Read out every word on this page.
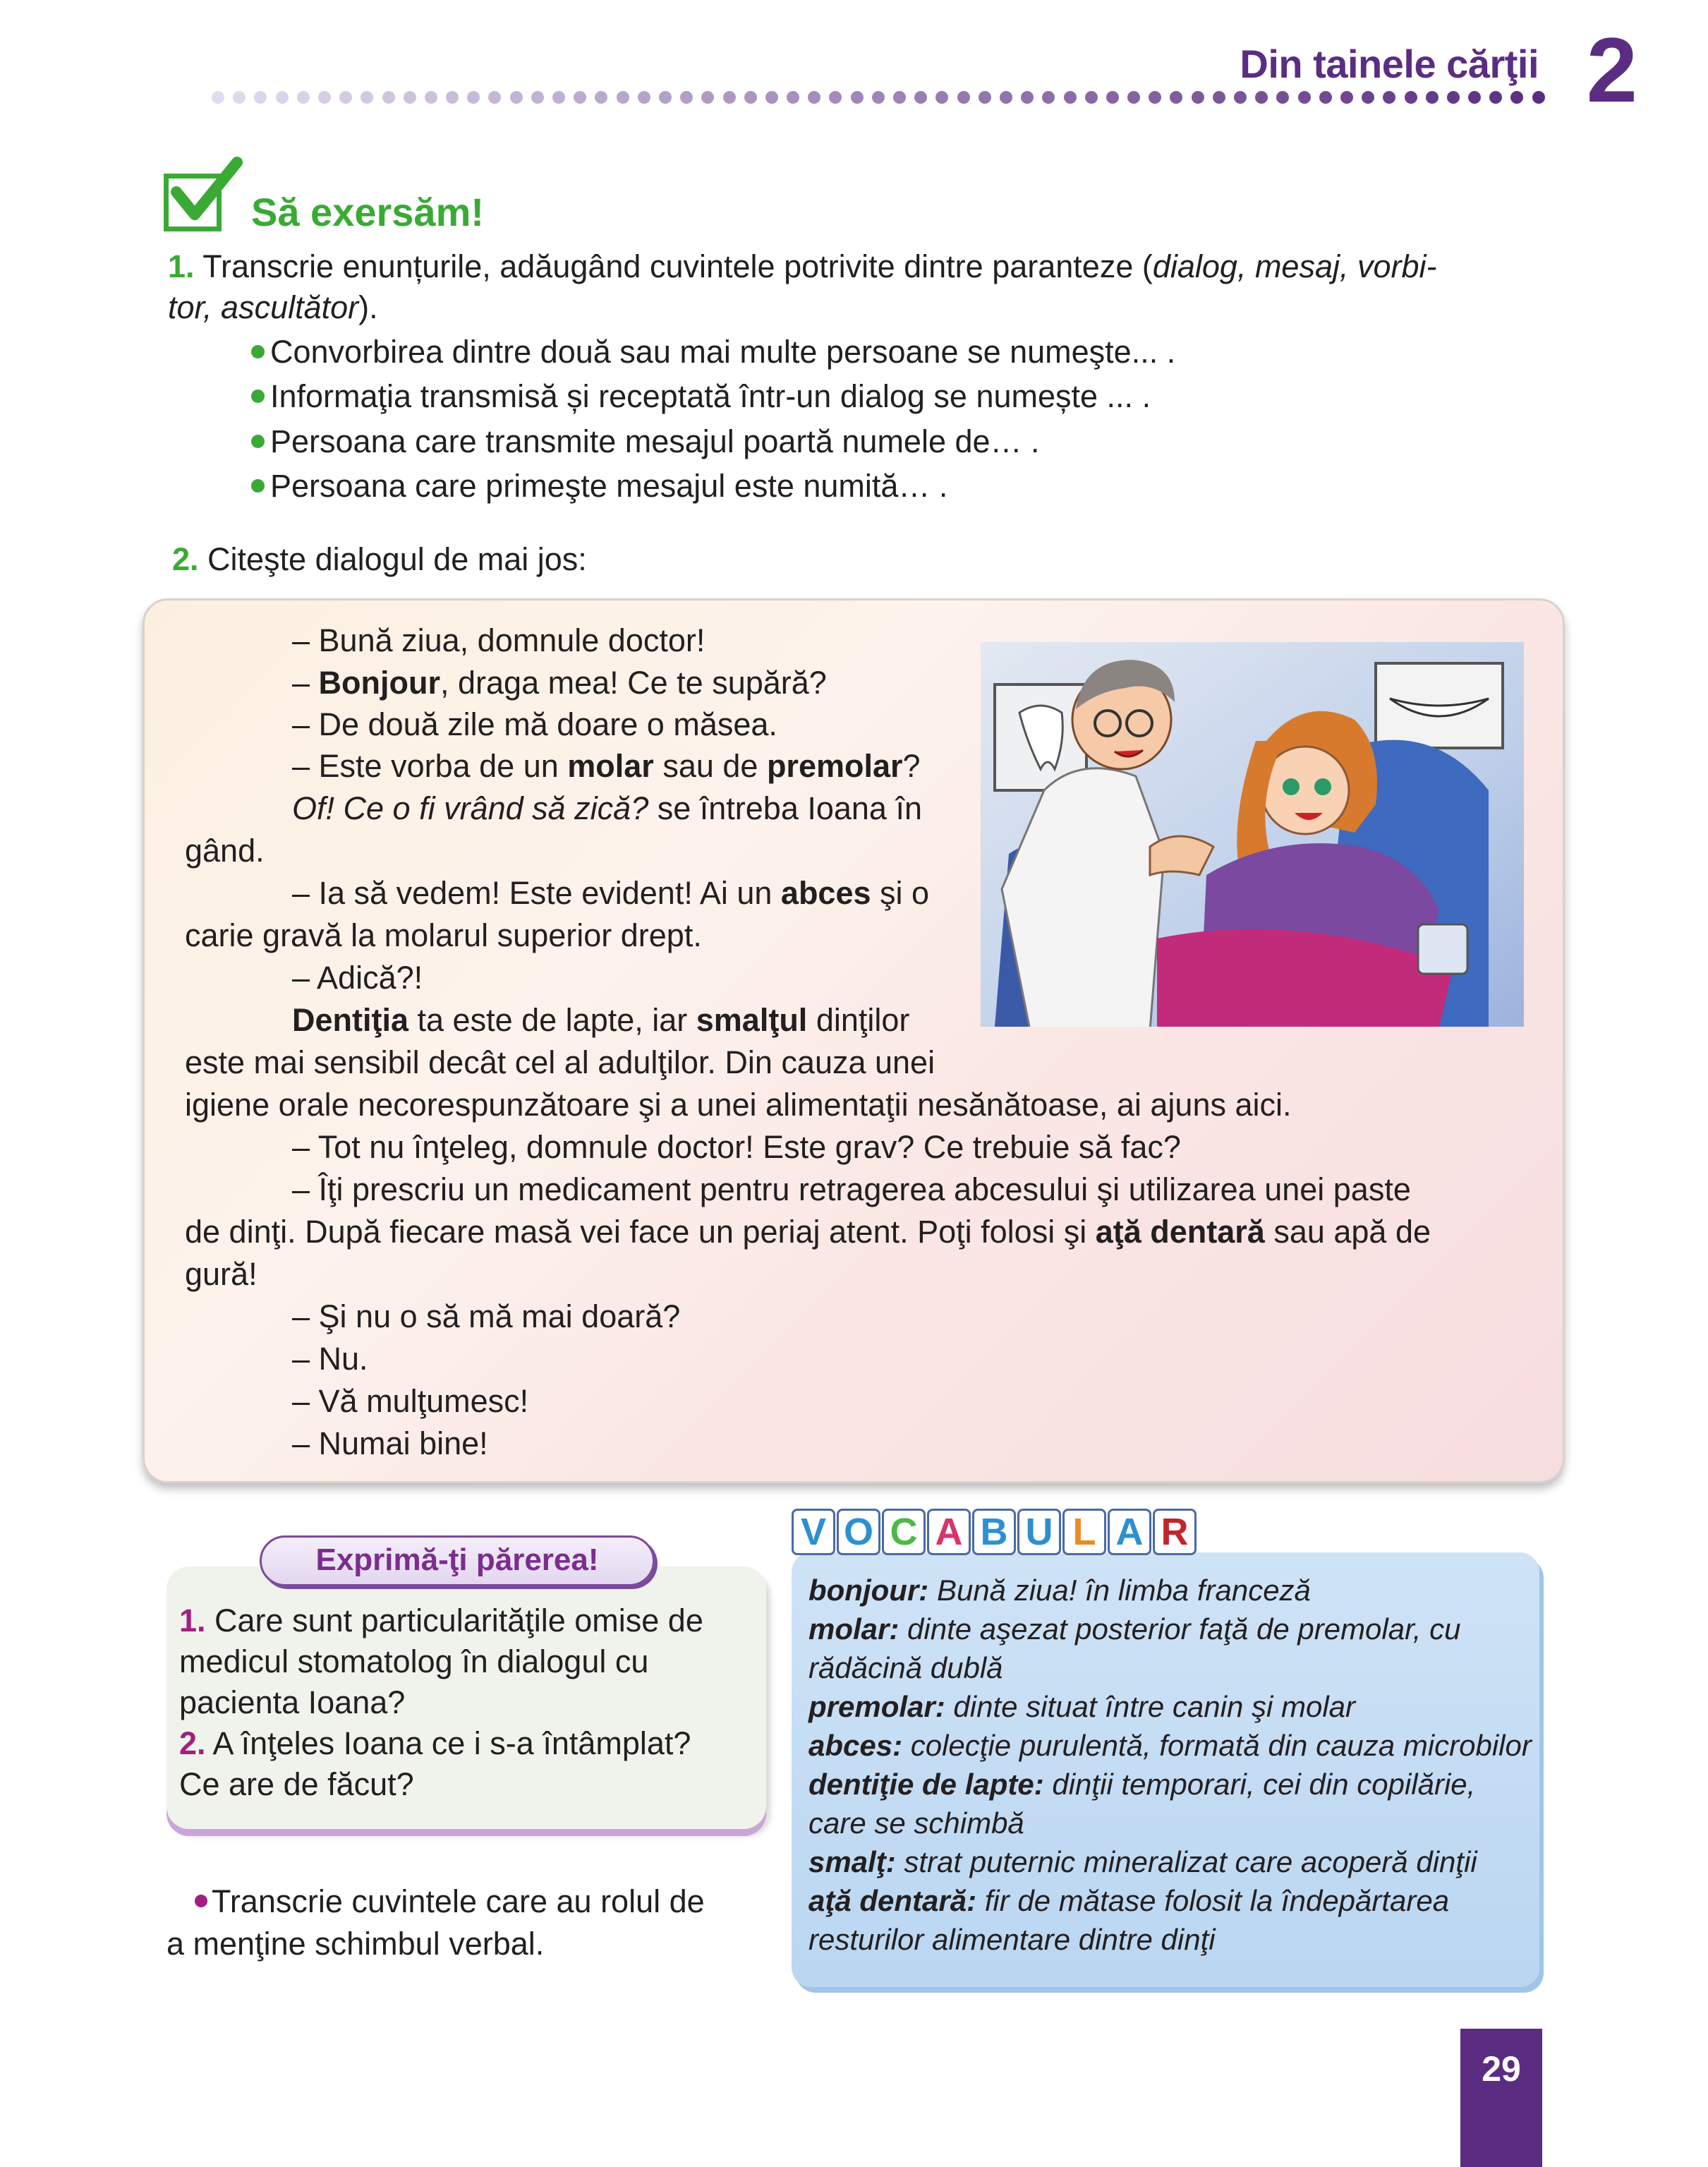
Din tainele cărţii 2
Să exersăm!
1. Transcrie enunțurile, adăugând cuvintele potrivite dintre paranteze (dialog, mesaj, vorbi-
tor, ascultător).
Convorbirea dintre două sau mai multe persoane se numeşte... .
Informaţia transmisă și receptată într-un dialog se numește ... .
Persoana care transmite mesajul poartă numele de… .
Persoana care primeşte mesajul este numită… .
2. Citeşte dialogul de mai jos:
– Bună ziua, domnule doctor!
– Bonjour, draga mea! Ce te supără?
– De două zile mă doare o măsea.
– Este vorba de un molar sau de premolar?
Of! Ce o fi vrând să zică? se întreba Ioana în
gând.
– Ia să vedem! Este evident! Ai un abces şi o
carie gravă la molarul superior drept.
– Adică?!
Dentiţia ta este de lapte, iar smalţul dinţilor
este mai sensibil decât cel al adulţilor. Din cauza unei
igiene orale necorespunzătoare şi a unei alimentaţii nesănătoase, ai ajuns aici.
– Tot nu înţeleg, domnule doctor! Este grav? Ce trebuie să fac?
– Îţi prescriu un medicament pentru retragerea abcesului şi utilizarea unei paste
de dinţi. După fiecare masă vei face un periaj atent. Poţi folosi şi aţă dentară sau apă de
gură!
– Şi nu o să mă mai doară?
– Nu.
– Vă mulţumesc!
– Numai bine!
Exprimă-ţi părerea!
1. Care sunt particularităţile omise de
medicul stomatolog în dialogul cu
pacienta Ioana?
2. A înţeles Ioana ce i s-a întâmplat?
Ce are de făcut?
Transcrie cuvintele care au rolul de
a menţine schimbul verbal.
V O C A B U L A R
bonjour: Bună ziua! în limba franceză
molar: dinte aşezat posterior faţă de premolar, cu
rădăcină dublă
premolar: dinte situat între canin şi molar
abces: colecţie purulentă, formată din cauza microbilor
dentiţie de lapte: dinţii temporari, cei din copilărie,
care se schimbă
smalţ: strat puternic mineralizat care acoperă dinţii
aţă dentară: fir de mătase folosit la îndepărtarea
resturilor alimentare dintre dinţi
29
